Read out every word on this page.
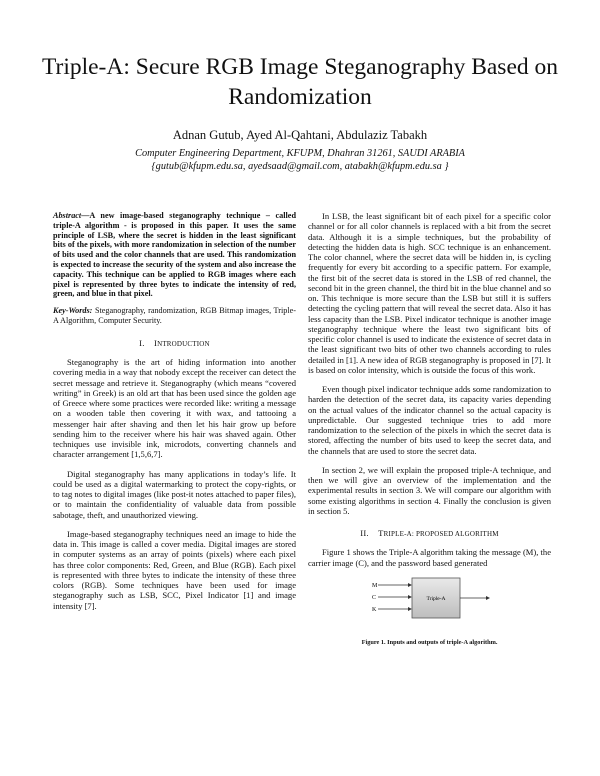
Triple-A: Secure RGB Image Steganography Based on Randomization
Adnan Gutub, Ayed Al-Qahtani, Abdulaziz Tabakh
Computer Engineering Department, KFUPM, Dhahran 31261, SAUDI ARABIA
{gutub@kfupm.edu.sa, ayedsaad@gmail.com, atabakh@kfupm.edu.sa }

Abstract—A new image-based steganography technique – called triple-A algorithm - is proposed in this paper. It uses the same principle of LSB, where the secret is hidden in the least significant bits of the pixels, with more randomization in selection of the number of bits used and the color channels that are used. This randomization is expected to increase the security of the system and also increase the capacity. This technique can be applied to RGB images where each pixel is represented by three bytes to indicate the intensity of red, green, and blue in that pixel.

Key-Words: Steganography, randomization, RGB Bitmap images, Triple-A Algorithm, Computer Security.

I. INTRODUCTION

Steganography is the art of hiding information into another covering media in a way that nobody except the receiver can detect the secret message and retrieve it. Steganography (which means “covered writing” in Greek) is an old art that has been used since the golden age of Greece where some practices were recorded like: writing a message on a wooden table then covering it with wax, and tattooing a messenger hair after shaving and then let his hair grow up before sending him to the receiver where his hair was shaved again. Other techniques use invisible ink, microdots, converting channels and character arrangement [1,5,6,7].

Digital steganography has many applications in today’s life. It could be used as a digital watermarking to protect the copy-rights, or to tag notes to digital images (like post-it notes attached to paper files), or to maintain the confidentiality of valuable data from possible sabotage, theft, and unauthorized viewing.

Image-based steganography techniques need an image to hide the data in. This image is called a cover media. Digital images are stored in computer systems as an array of points (pixels) where each pixel has three color components: Red, Green, and Blue (RGB). Each pixel is represented with three bytes to indicate the intensity of these three colors (RGB). Some techniques have been used for image steganography such as LSB, SCC, Pixel Indicator [1] and image intensity [7].

In LSB, the least significant bit of each pixel for a specific color channel or for all color channels is replaced with a bit from the secret data. Although it is a simple techniques, but the probability of detecting the hidden data is high. SCC technique is an enhancement. The color channel, where the secret data will be hidden in, is cycling frequently for every bit according to a specific pattern. For example, the first bit of the secret data is stored in the LSB of red channel, the second bit in the green channel, the third bit in the blue channel and so on. This technique is more secure than the LSB but still it is suffers detecting the cycling pattern that will reveal the secret data. Also it has less capacity than the LSB. Pixel indicator technique is another image steganography technique where the least two significant bits of specific color channel is used to indicate the existence of secret data in the least significant two bits of other two channels according to rules detailed in [1]. A new idea of RGB steganography is proposed in [7]. It is based on color intensity, which is outside the focus of this work.

Even though pixel indicator technique adds some randomization to harden the detection of the secret data, its capacity varies depending on the actual values of the indicator channel so the actual capacity is unpredictable. Our suggested technique tries to add more randomization to the selection of the pixels in which the secret data is stored, affecting the number of bits used to keep the secret data, and the channels that are used to store the secret data.

In section 2, we will explain the proposed triple-A technique, and then we will give an overview of the implementation and the experimental results in section 3. We will compare our algorithm with some existing algorithms in section 4. Finally the conclusion is given in section 5.

II. TRIPLE-A: PROPOSED ALGORITHM

Figure 1 shows the Triple-A algorithm taking the message (M), the carrier image (C), and the password based generated

M
C
K
Triple-A

Figure 1. Inputs and outputs of triple-A algorithm.
